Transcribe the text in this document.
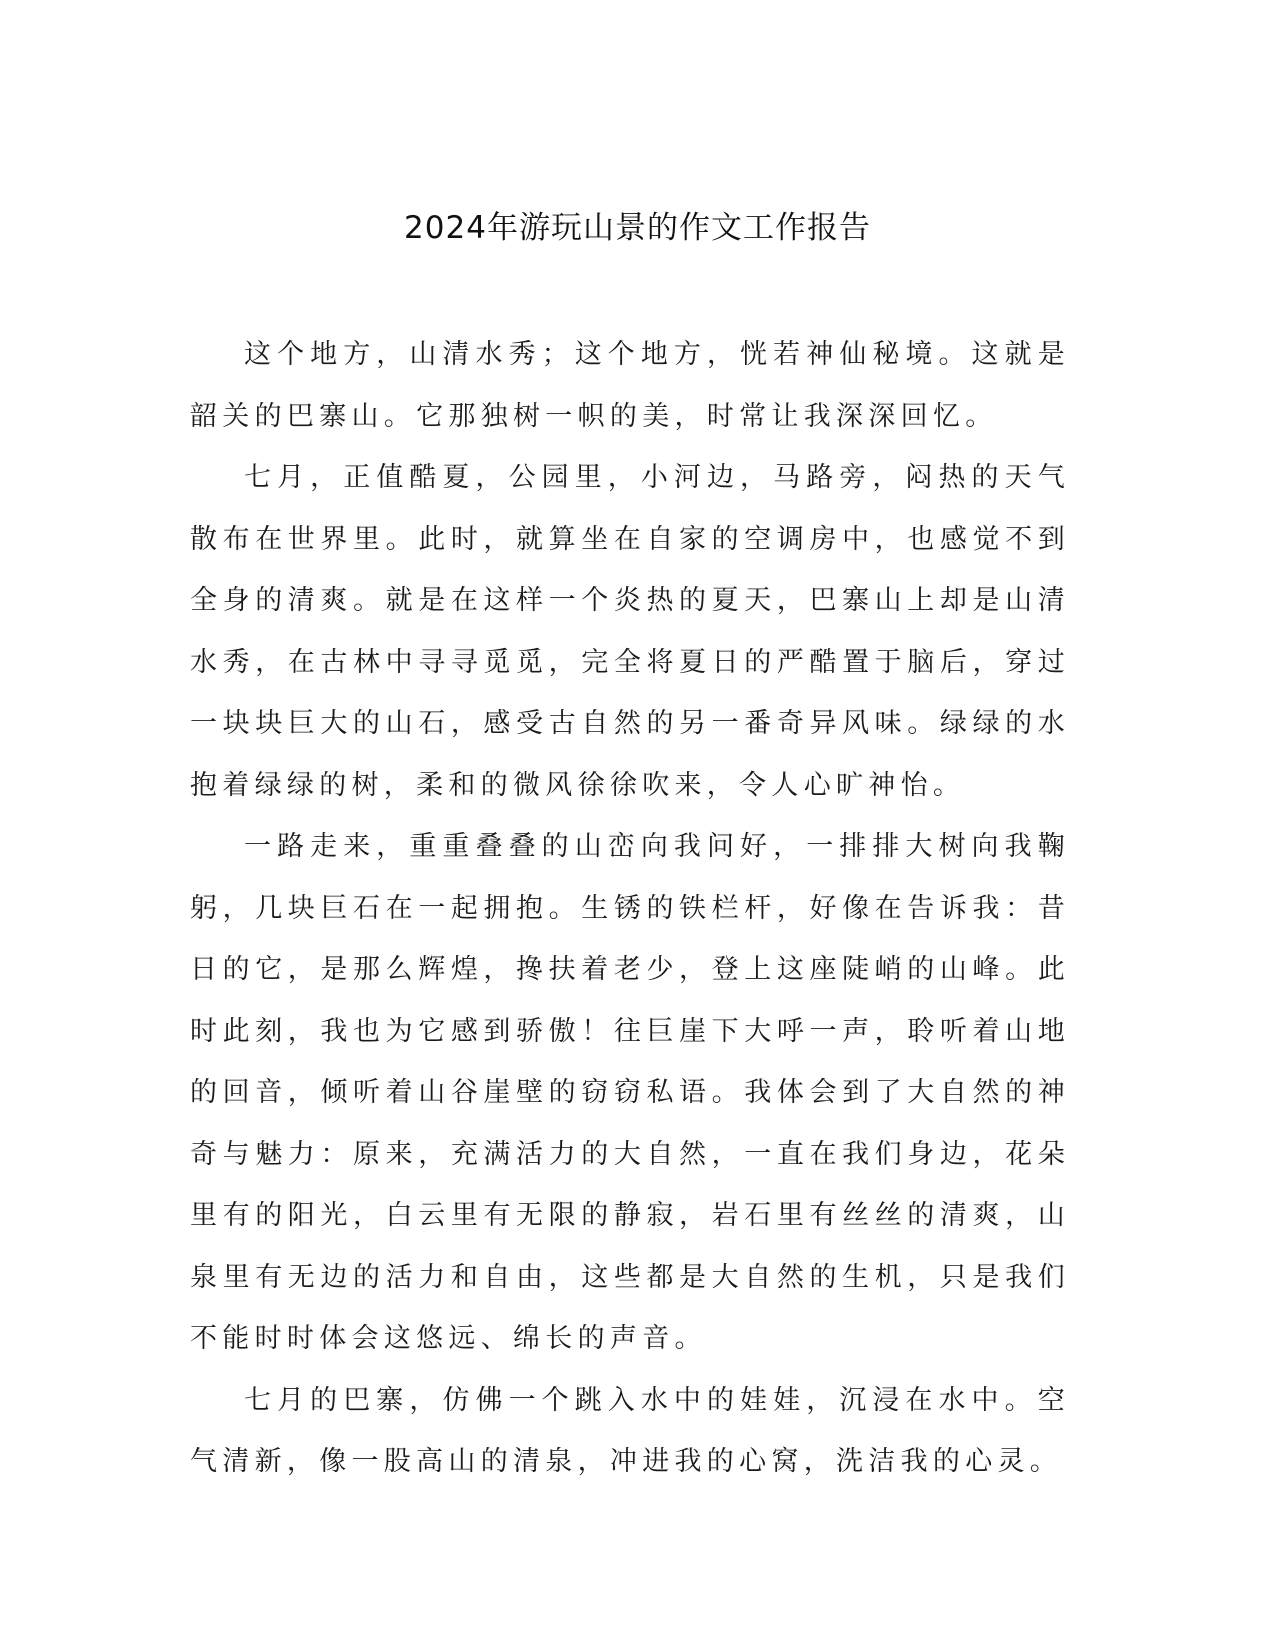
2024年游玩山景的作文工作报告

这个地方，山清水秀；这个地方，恍若神仙秘境。这就是韶关的巴寨山。它那独树一帜的美，时常让我深深回忆。

七月，正值酷夏，公园里，小河边，马路旁，闷热的天气散布在世界里。此时，就算坐在自家的空调房中，也感觉不到全身的清爽。就是在这样一个炎热的夏天，巴寨山上却是山清水秀，在古林中寻寻觅觅，完全将夏日的严酷置于脑后，穿过一块块巨大的山石，感受古自然的另一番奇异风味。绿绿的水抱着绿绿的树，柔和的微风徐徐吹来，令人心旷神怡。

一路走来，重重叠叠的山峦向我问好，一排排大树向我鞠躬，几块巨石在一起拥抱。生锈的铁栏杆，好像在告诉我：昔日的它，是那么辉煌，搀扶着老少，登上这座陡峭的山峰。此时此刻，我也为它感到骄傲！往巨崖下大呼一声，聆听着山地的回音，倾听着山谷崖壁的窃窃私语。我体会到了大自然的神奇与魅力：原来，充满活力的大自然，一直在我们身边，花朵里有的阳光，白云里有无限的静寂，岩石里有丝丝的清爽，山泉里有无边的活力和自由，这些都是大自然的生机，只是我们不能时时体会这悠远、绵长的声音。

七月的巴寨，仿佛一个跳入水中的娃娃，沉浸在水中。空气清新，像一股高山的清泉，冲进我的心窝，洗洁我的心灵。
